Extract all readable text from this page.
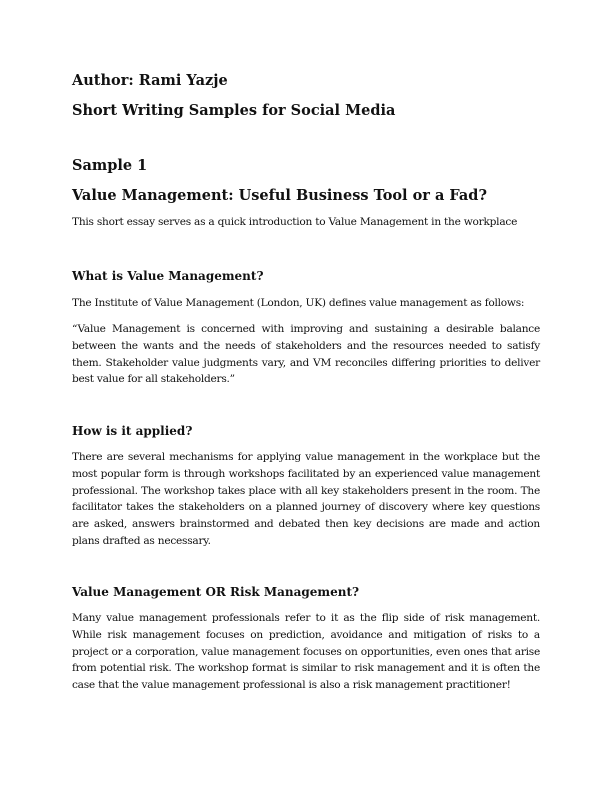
Author: Rami Yazje
Short Writing Samples for Social Media
Sample 1
Value Management: Useful Business Tool or a Fad?
This short essay serves as a quick introduction to Value Management in the workplace
What is Value Management?
The Institute of Value Management (London, UK) defines value management as follows:
“Value Management is concerned with improving and sustaining a desirable balance between the wants and the needs of stakeholders and the resources needed to satisfy them. Stakeholder value judgments vary, and VM reconciles differing priorities to deliver best value for all stakeholders.”
How is it applied?
There are several mechanisms for applying value management in the workplace but the most popular form is through workshops facilitated by an experienced value management professional. The workshop takes place with all key stakeholders present in the room. The facilitator takes the stakeholders on a planned journey of discovery where key questions are asked, answers brainstormed and debated then key decisions are made and action plans drafted as necessary.
Value Management OR Risk Management?
Many value management professionals refer to it as the flip side of risk management. While risk management focuses on prediction, avoidance and mitigation of risks to a project or a corporation, value management focuses on opportunities, even ones that arise from potential risk. The workshop format is similar to risk management and it is often the case that the value management professional is also a risk management practitioner!
